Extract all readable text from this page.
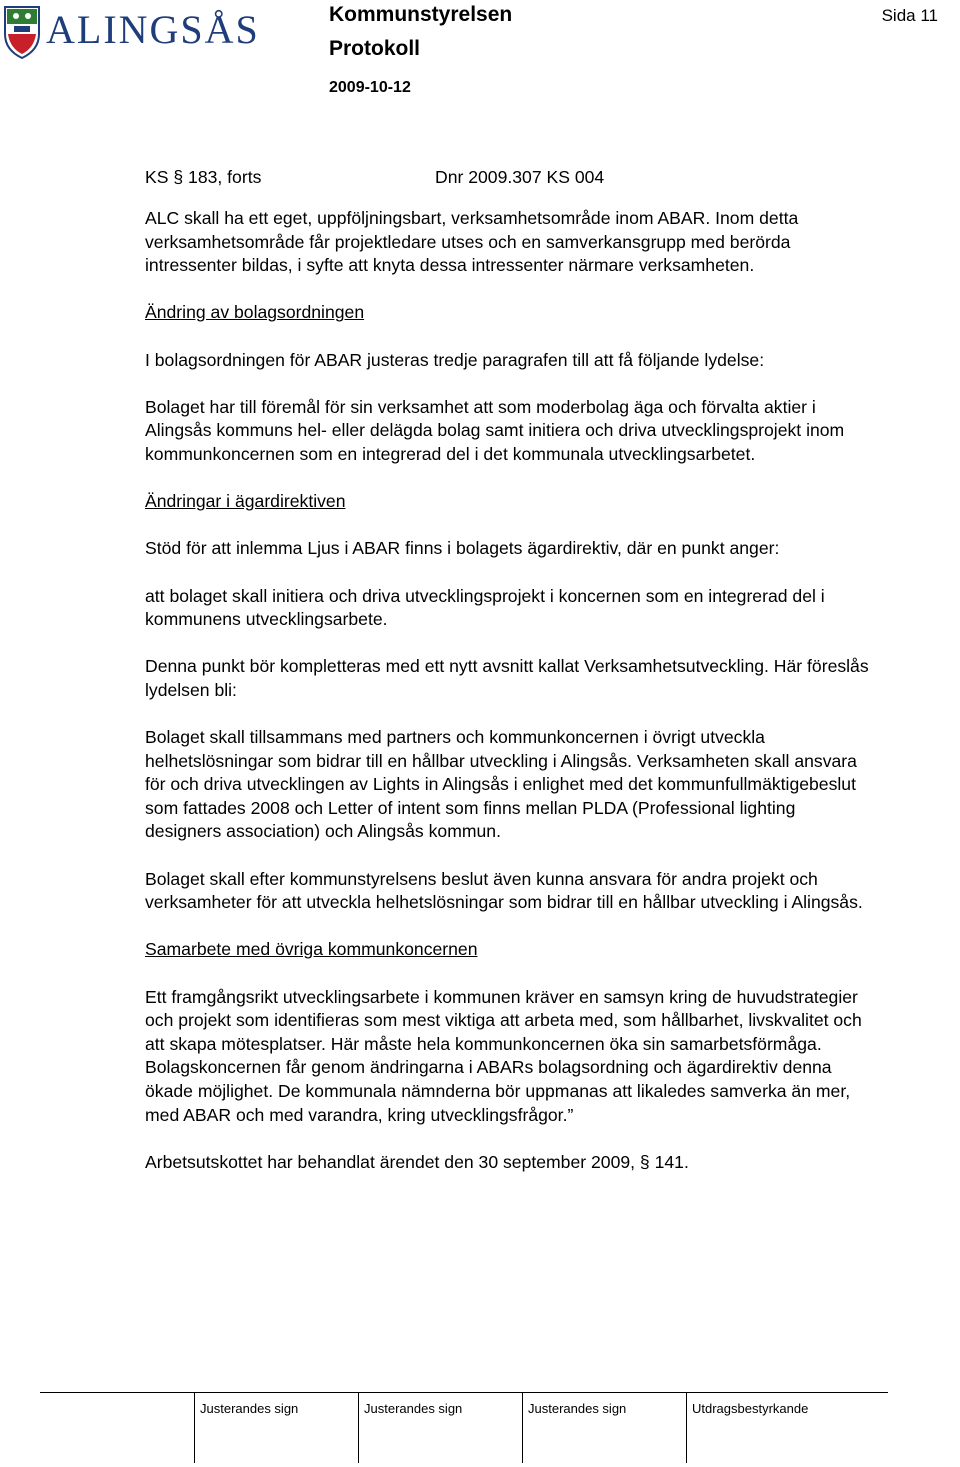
ALINGSÅS	Kommunstyrelsen
Protokoll
2009-10-12
Sida 11
KS § 183, forts	Dnr 2009.307 KS 004

ALC skall ha ett eget, uppföljningsbart, verksamhetsområde inom ABAR. Inom detta verksamhetsområde får projektledare utses och en samverkansgrupp med berörda intressenter bildas, i syfte att knyta dessa intressenter närmare verksamheten.

Ändring av bolagsordningen

I bolagsordningen för ABAR justeras tredje paragrafen till att få följande lydelse:

Bolaget har till föremål för sin verksamhet att som moderbolag äga och förvalta aktier i Alingsås kommuns hel- eller delägda bolag samt initiera och driva utvecklingsprojekt inom kommunkoncernen som en integrerad del i det kommunala utvecklingsarbetet.

Ändringar i ägardirektiven

Stöd för att inlemma Ljus i ABAR finns i bolagets ägardirektiv, där en punkt anger:

att bolaget skall initiera och driva utvecklingsprojekt i koncernen som en integrerad del i kommunens utvecklingsarbete.

Denna punkt bör kompletteras med ett nytt avsnitt kallat Verksamhetsutveckling. Här föreslås lydelsen bli:

Bolaget skall tillsammans med partners och kommunkoncernen i övrigt utveckla helhetslösningar som bidrar till en hållbar utveckling i Alingsås. Verksamheten skall ansvara för och driva utvecklingen av Lights in Alingsås i enlighet med det kommunfullmäktigebeslut som fattades 2008 och Letter of intent som finns mellan PLDA (Professional lighting designers association) och Alingsås kommun.

Bolaget skall efter kommunstyrelsens beslut även kunna ansvara för andra projekt och verksamheter för att utveckla helhetslösningar som bidrar till en hållbar utveckling i Alingsås.

Samarbete med övriga kommunkoncernen

Ett framgångsrikt utvecklingsarbete i kommunen kräver en samsyn kring de huvudstrategier och projekt som identifieras som mest viktiga att arbeta med, som hållbarhet, livskvalitet och att skapa mötesplatser. Här måste hela kommunkoncernen öka sin samarbetsförmåga. Bolagskoncernen får genom ändringarna i ABARs bolagsordning och ägardirektiv denna ökade möjlighet. De kommunala nämnderna bör uppmanas att likaledes samverka än mer, med ABAR och med varandra, kring utvecklingsfrågor.”

Arbetsutskottet har behandlat ärendet den 30 september 2009, § 141.

Justerandes sign	Justerandes sign	Justerandes sign	Utdragsbestyrkande
